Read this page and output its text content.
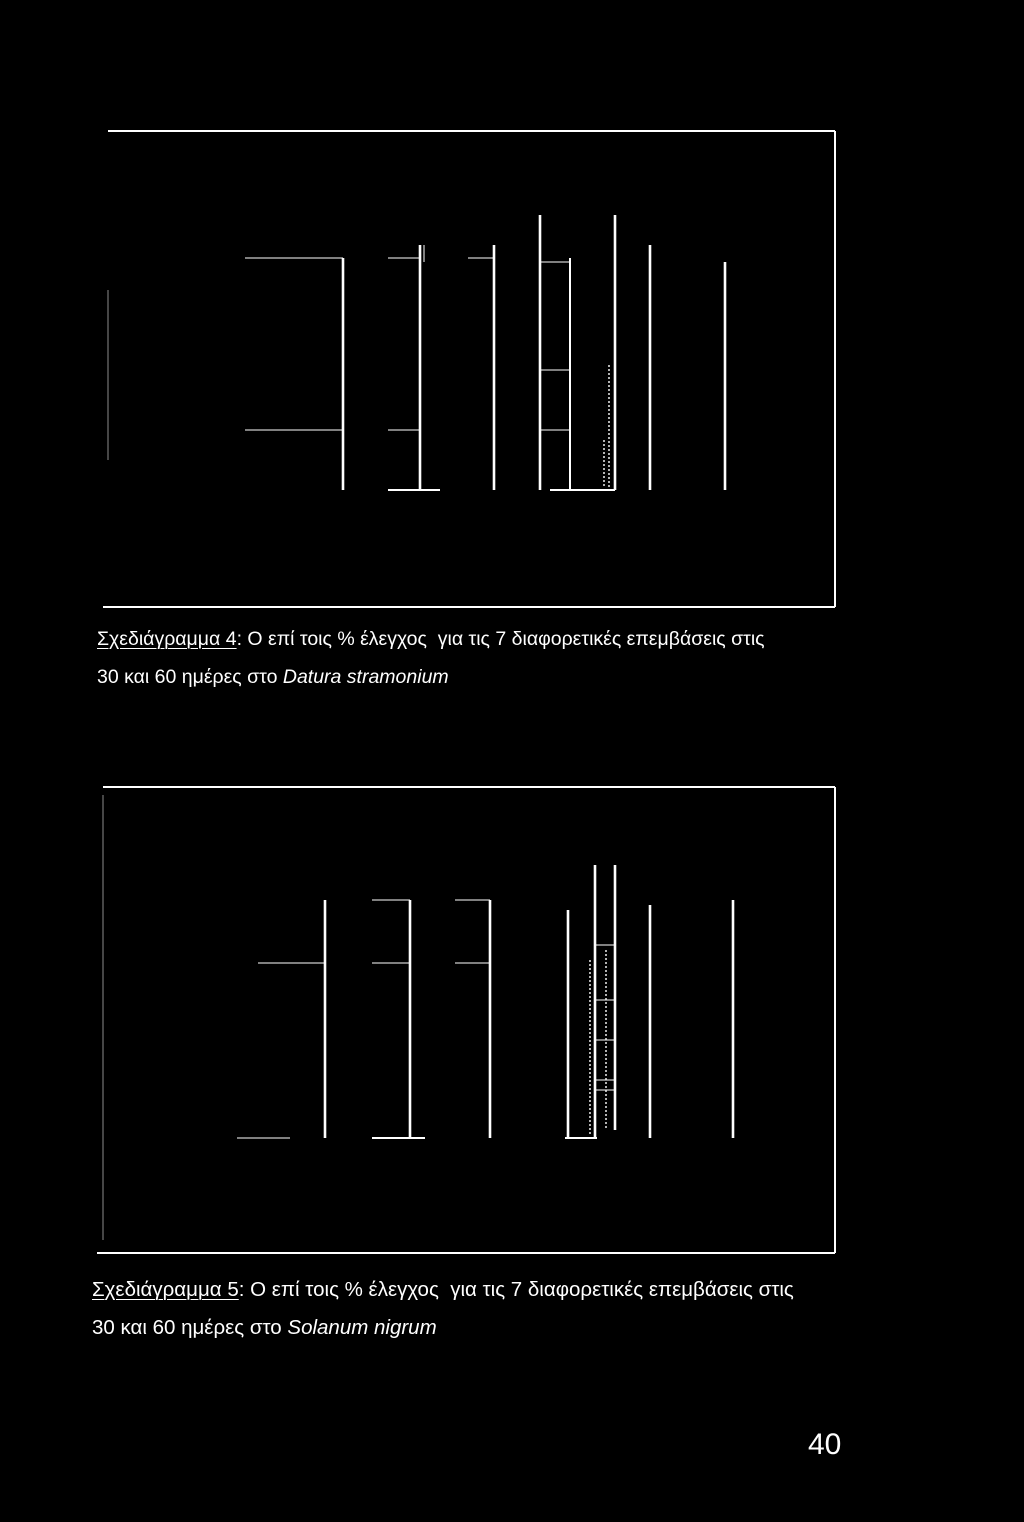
Σχεδιάγραμμα 4: Ο επί τοις % έλεγχος  για τις 7 διαφορετικές επεμβάσεις στις
30 και 60 ημέρες στο Datura stramonium
Σχεδιάγραμμα 5: Ο επί τοις % έλεγχος  για τις 7 διαφορετικές επεμβάσεις στις
30 και 60 ημέρες στο Solanum nigrum
40
